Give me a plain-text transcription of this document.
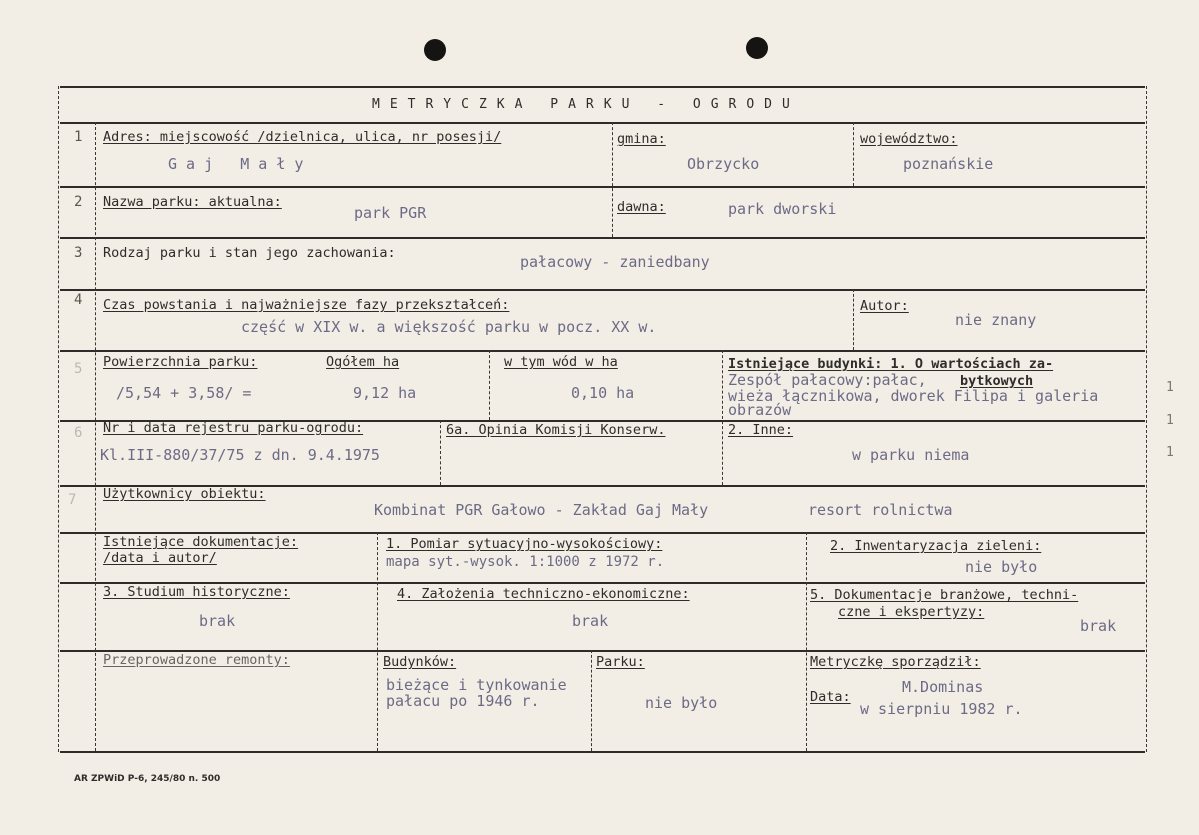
METRYCZKA PARKU - OGRODU
1 Adres: miejscowość /dzielnica, ulica, nr posesji/
G a j   M a ł y
gmina:
Obrzycko
województwo:
poznańskie
2 Nazwa parku: aktualna:
park PGR	dawna:	park dworski
3 Rodzaj parku i stan jego zachowania:	pałacowy - zaniedbany
4 Czas powstania i najważniejsze fazy przekształceń:
część w XIX w. a większość parku w pocz. XX w.
Autor:
nie znany
5 Powierzchnia parku:	Ogółem ha
/5,54 + 3,58/ =	9,12 ha
w tym wód w ha
0,10 ha
Istniejące budynki: 1. O wartościach za-
bytkowych
Zespół pałacowy:pałac,
wieża łącznikowa, dworek Filipa i galeria
obrazów
6 Nr i data rejestru parku-ogrodu:
Kl.III-880/37/75 z dn. 9.4.1975
6a. Opinia Komisji Konserw.	2. Inne:
w parku niema
7 Użytkownicy obiektu:
Kombinat PGR Gałowo - Zakład Gaj Mały	resort rolnictwa
Istniejące dokumentacje:
/data i autor/
1. Pomiar sytuacyjno-wysokościowy:
mapa syt.-wysok. 1:1000 z 1972 r.
2. Inwentaryzacja zieleni:
nie było
3. Studium historyczne:
brak
4. Założenia techniczno-ekonomiczne:
brak
5. Dokumentacje branżowe, techni-
czne i ekspertyzy:
brak
Przeprowadzone remonty:	Budynków:
bieżące i tynkowanie
pałacu po 1946 r.
Parku:
nie było
Metryczkę sporządził:
M.Dominas
Data:
w sierpniu 1982 r.
1
1
1
AR ZPWiD P-6, 245/80 n. 500
